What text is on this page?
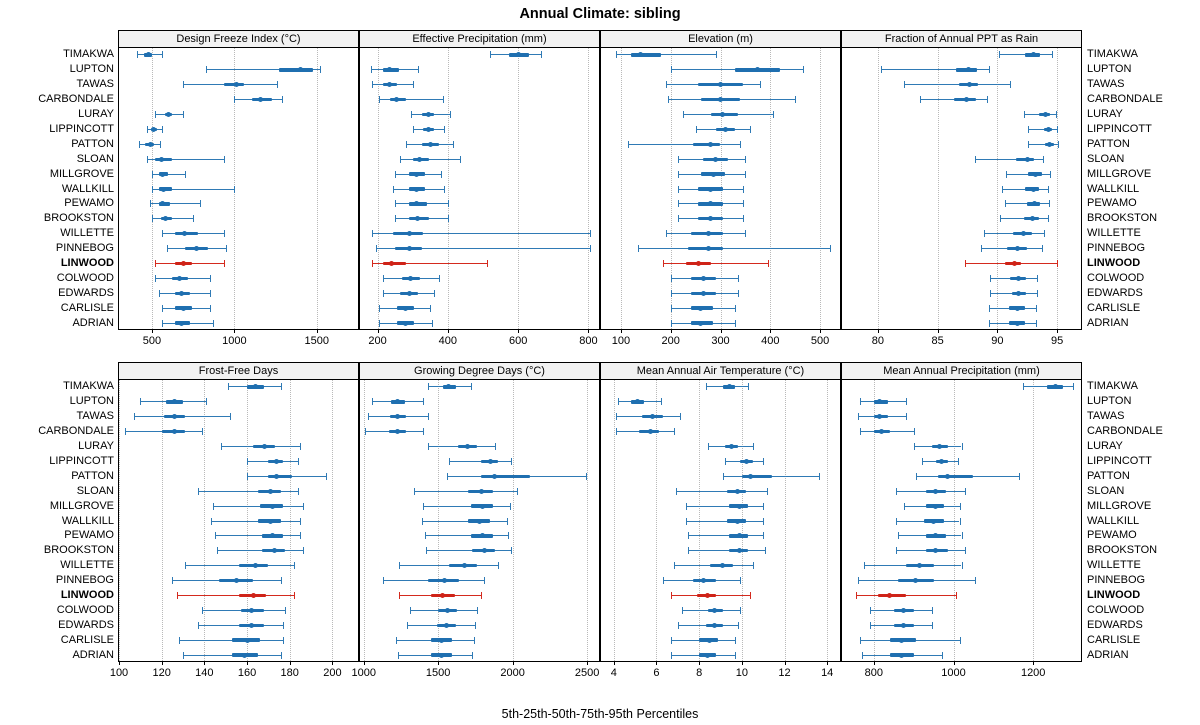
Annual Climate: sibling
5th-25th-50th-75th-95th Percentiles
TIMAKWA
LUPTON
TAWAS
CARBONDALE
LURAY
LIPPINCOTT
PATTON
SLOAN
MILLGROVE
WALLKILL
PEWAMO
BROOKSTON
WILLETTE
PINNEBOG
LINWOOD
COLWOOD
EDWARDS
CARLISLE
ADRIAN
TIMAKWA
LUPTON
TAWAS
CARBONDALE
LURAY
LIPPINCOTT
PATTON
SLOAN
MILLGROVE
WALLKILL
PEWAMO
BROOKSTON
WILLETTE
PINNEBOG
LINWOOD
COLWOOD
EDWARDS
CARLISLE
ADRIAN
Design Freeze Index (°C)
500	1000	1500
Effective Precipitation (mm)
200	400	600	800
Elevation (m)
100	200	300	400	500
Fraction of Annual PPT as Rain
80	85	90	95
TIMAKWA
LUPTON
TAWAS
CARBONDALE
LURAY
LIPPINCOTT
PATTON
SLOAN
MILLGROVE
WALLKILL
PEWAMO
BROOKSTON
WILLETTE
PINNEBOG
LINWOOD
COLWOOD
EDWARDS
CARLISLE
ADRIAN
TIMAKWA
LUPTON
TAWAS
CARBONDALE
LURAY
LIPPINCOTT
PATTON
SLOAN
MILLGROVE
WALLKILL
PEWAMO
BROOKSTON
WILLETTE
PINNEBOG
LINWOOD
COLWOOD
EDWARDS
CARLISLE
ADRIAN
Frost-Free Days
100 120 140 160 180 200
Growing Degree Days (°C)
1000	1500	2000	2500
Mean Annual Air Temperature (°C)
4	6	8	10	12	14
Mean Annual Precipitation (mm)
800	1000	1200
